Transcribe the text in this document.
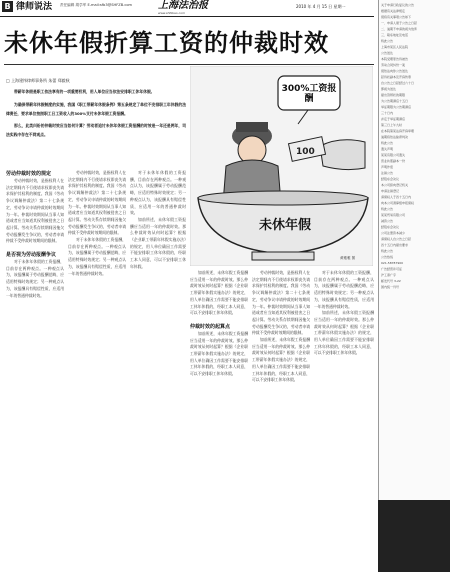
B 律师说法 责任编辑 胡学军 E-mail:sfb3@SHFZB.com	上海法治报
www.shfzbao.com
2010 年 4 月 15 日 星期一
未休年假折算工资的仲裁时效
□ 上海建纬律师事务所 朱蕾 郑毅秋

带薪年休假是职工依法享有的一项重要权利，用人单位应当依法安排职工休年休假。

为确保带薪年休假制度的实施，我国《职工带薪年休假条例》第五条规定了单位不安排职工年休假的法律责任，要求单位按照职工日工资收入的300%支付未休年假工资报酬。

那么，此类纠纷的仲裁时效应当如何计算？劳动者追讨未休年休假工资报酬的时效是一年还是两年，司法实践中存在不同观点。

100
300%工资报酬
未休年假
黄雅雅 图

劳动仲裁时效的规定

劳动仲裁时效，是指权利人在法定期间内不行使请求权即丧失请求保护其权利的制度。我国《劳动争议调解仲裁法》第二十七条规定，劳动争议申请仲裁的时效期间为一年。仲裁时效期间从当事人知道或者应当知道其权利被侵害之日起计算。劳动关系存续期间因拖欠劳动报酬发生争议的，劳动者申请仲裁不受仲裁时效期间的限制。

是否视为劳动报酬争议

对于未休年休假的工资报酬，目前存在两种观点。一种观点认为，该报酬属于劳动报酬范畴，应适用特殊时效规定；另一种观点认为，该报酬具有赔偿性质，应适用一年的普通仲裁时效。

劳动仲裁时效，是指权利人在法定期间内不行使请求权即丧失请求保护其权利的制度。我国《劳动争议调解仲裁法》第二十七条规定，劳动争议申请仲裁的时效期间为一年。仲裁时效期间从当事人知道或者应当知道其权利被侵害之日起计算。劳动关系存续期间因拖欠劳动报酬发生争议的，劳动者申请仲裁不受仲裁时效期间的限制。

对于未休年休假的工资报酬，目前存在两种观点。一种观点认为，该报酬属于劳动报酬范畴，应适用特殊时效规定；另一种观点认为，该报酬具有赔偿性质，应适用一年的普通仲裁时效。

对于未休年休假的工资报酬，目前存在两种观点。一种观点认为，该报酬属于劳动报酬范畴，应适用特殊时效规定；另一种观点认为，该报酬具有赔偿性质，应适用一年的普通仲裁时效。

如前所述，未休年假工资报酬应当适用一年的仲裁时效。那么仲裁时效从何时起算？根据《企业职工带薪年休假实施办法》的规定，用人单位确因工作需要不能安排职工休年休假的，经职工本人同意，可以不安排职工休年休假。

如前所述，未休年假工资报酬应当适用一年的仲裁时效。那么仲裁时效从何时起算？根据《企业职工带薪年休假实施办法》的规定，用人单位确因工作需要不能安排职工休年休假的，经职工本人同意，可以不安排职工休年休假。

仲裁时效的起算点

如前所述，未休年假工资报酬应当适用一年的仲裁时效。那么仲裁时效从何时起算？根据《企业职工带薪年休假实施办法》的规定，用人单位确因工作需要不能安排职工休年休假的，经职工本人同意，可以不安排职工休年休假。

劳动仲裁时效，是指权利人在法定期间内不行使请求权即丧失请求保护其权利的制度。我国《劳动争议调解仲裁法》第二十七条规定，劳动争议申请仲裁的时效期间为一年。仲裁时效期间从当事人知道或者应当知道其权利被侵害之日起计算。劳动关系存续期间因拖欠劳动报酬发生争议的，劳动者申请仲裁不受仲裁时效期间的限制。

如前所述，未休年假工资报酬应当适用一年的仲裁时效。那么仲裁时效从何时起算？根据《企业职工带薪年休假实施办法》的规定，用人单位确因工作需要不能安排职工休年休假的，经职工本人同意，可以不安排职工休年休假。

对于未休年休假的工资报酬，目前存在两种观点。一种观点认为，该报酬属于劳动报酬范畴，应适用特殊时效规定；另一种观点认为，该报酬具有赔偿性质，应适用一年的普通仲裁时效。

如前所述，未休年假工资报酬应当适用一年的仲裁时效。那么仲裁时效从何时起算？根据《企业职工带薪年休假实施办法》的规定，用人单位确因工作需要不能安排职工休年休假的，经职工本人同意，可以不安排职工休年休假。

关于申请行政复议的公告
根据有关法律规定
现将有关事项公告如下
一、申请人须于公告之日起
二、逾期不申请的视为放弃
三、联系地址及电话
特此公告
上海市某区人民法院
公告送达
本院受理原告诉被告
劳动合同纠纷一案
现依法向你公告送达
起诉状副本及开庭传票
自公告之日起经过六十日
即视为送达
提出答辩状的期限
为公告期满后十五日
举证期限为公告期满后
三十日内
并定于举证期满后
第三日上午九时
在本院第某法庭开庭审理
逾期将依法缺席判决
特此公告
遗失声明
某某有限公司遗失
营业执照副本一份
声明作废
注销公告
经股东会决议
本公司拟向登记机关
申请注销登记
请债权人于四十五日内
向本公司清算组申报债权
特此公告
某某贸易有限公司
减资公告
经股东会决议
公司注册资本减少
请债权人自公告之日起
四十五日内提出要求
特此公告
公告热线
021-58787900
广告经营许可证
沪工商广字
邮发代号 3-22
国内统一刊号
